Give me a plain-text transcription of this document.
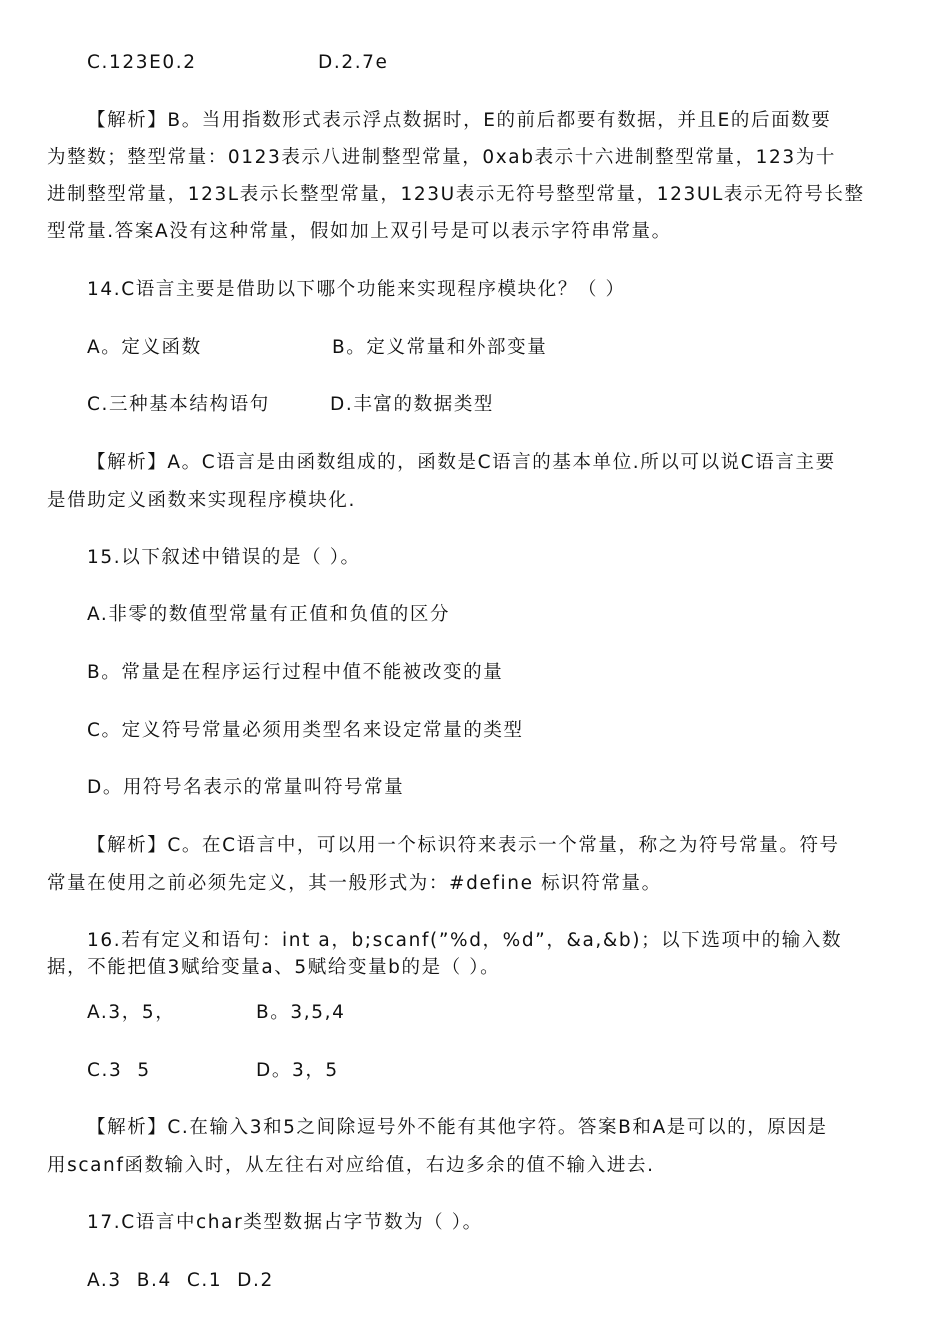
C.123E0.2	D.2.7e
【解析】B。当用指数形式表示浮点数据时，E的前后都要有数据，并且E的后面数要
为整数；整型常量：0123表示八进制整型常量，0xab表示十六进制整型常量，123为十
进制整型常量，123L表示长整型常量，123U表示无符号整型常量，123UL表示无符号长整
型常量.答案A没有这种常量，假如加上双引号是可以表示字符串常量。
14.C语言主要是借助以下哪个功能来实现程序模块化？（ ）
A。定义函数	B。定义常量和外部变量
C.三种基本结构语句	D.丰富的数据类型
【解析】A。C语言是由函数组成的，函数是C语言的基本单位.所以可以说C语言主要
是借助定义函数来实现程序模块化.
15.以下叙述中错误的是（ ）。
A.非零的数值型常量有正值和负值的区分
B。常量是在程序运行过程中值不能被改变的量
C。定义符号常量必须用类型名来设定常量的类型
D。用符号名表示的常量叫符号常量
【解析】C。在C语言中，可以用一个标识符来表示一个常量，称之为符号常量。符号
常量在使用之前必须先定义，其一般形式为：#define 标识符常量。
16.若有定义和语句：int a，b;scanf(”%d，%d”，&a,&b)；以下选项中的输入数
据，不能把值3赋给变量a、5赋给变量b的是（ ）。
A.3，5，	B。3,5,4
C.3  5	D。3，5
【解析】C.在输入3和5之间除逗号外不能有其他字符。答案B和A是可以的，原因是
用scanf函数输入时，从左往右对应给值，右边多余的值不输入进去.
17.C语言中char类型数据占字节数为（ ）。
A.3  B.4  C.1  D.2
